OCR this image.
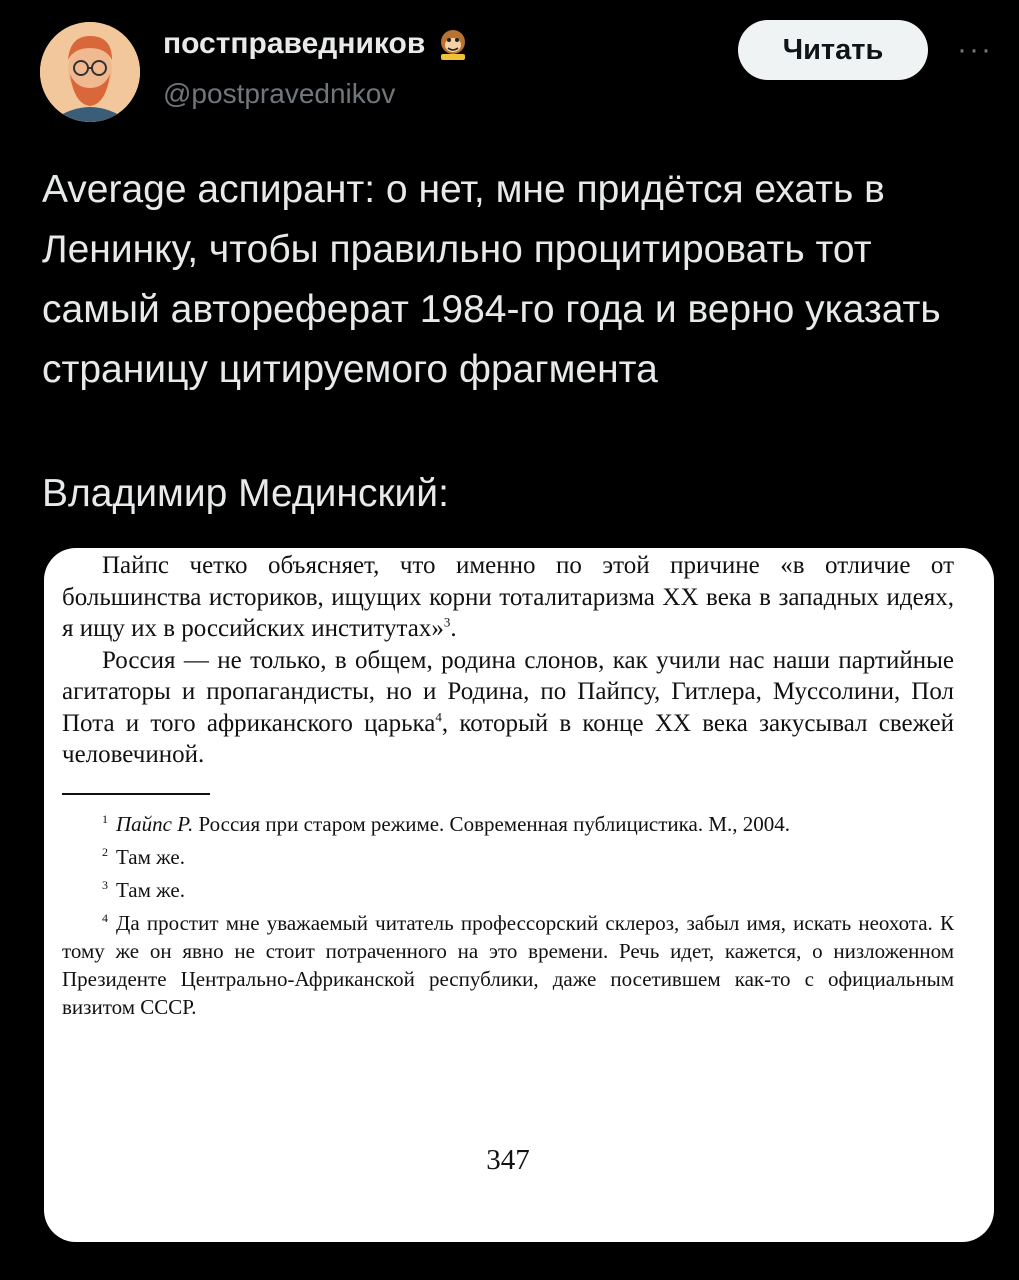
постправедников
@postpravednikov
Читать	···
Average аспирант: о нет, мне придётся ехать в Ленинку, чтобы правильно процитировать тот самый автореферат 1984-го года и верно указать страницу цитируемого фрагмента
Владимир Мединский:

Пайпс четко объясняет, что именно по этой причине «в отличие от большинства историков, ищущих корни тоталитаризма XX века в западных идеях, я ищу их в российских институтах»$^3$.

Россия — не только, в общем, родина слонов, как учили нас наши партийные агитаторы и пропагандисты, но и Родина, по Пайпсу, Гитлера, Муссолини, Пол Пота и того африканского царька$^4$, который в конце XX века закусывал свежей человечиной.

$^1$ Пайпс Р. Россия при старом режиме. Современная публицистика. М., 2004.

$^2$ Там же.

$^3$ Там же.

$^4$ Да простит мне уважаемый читатель профессорский склероз, забыл имя, искать неохота. К тому же он явно не стоит потраченного на это времени. Речь идет, кажется, о низложенном Президенте Центрально-Африканской республики, даже посетившем как-то с официальным визитом СССР.

347
